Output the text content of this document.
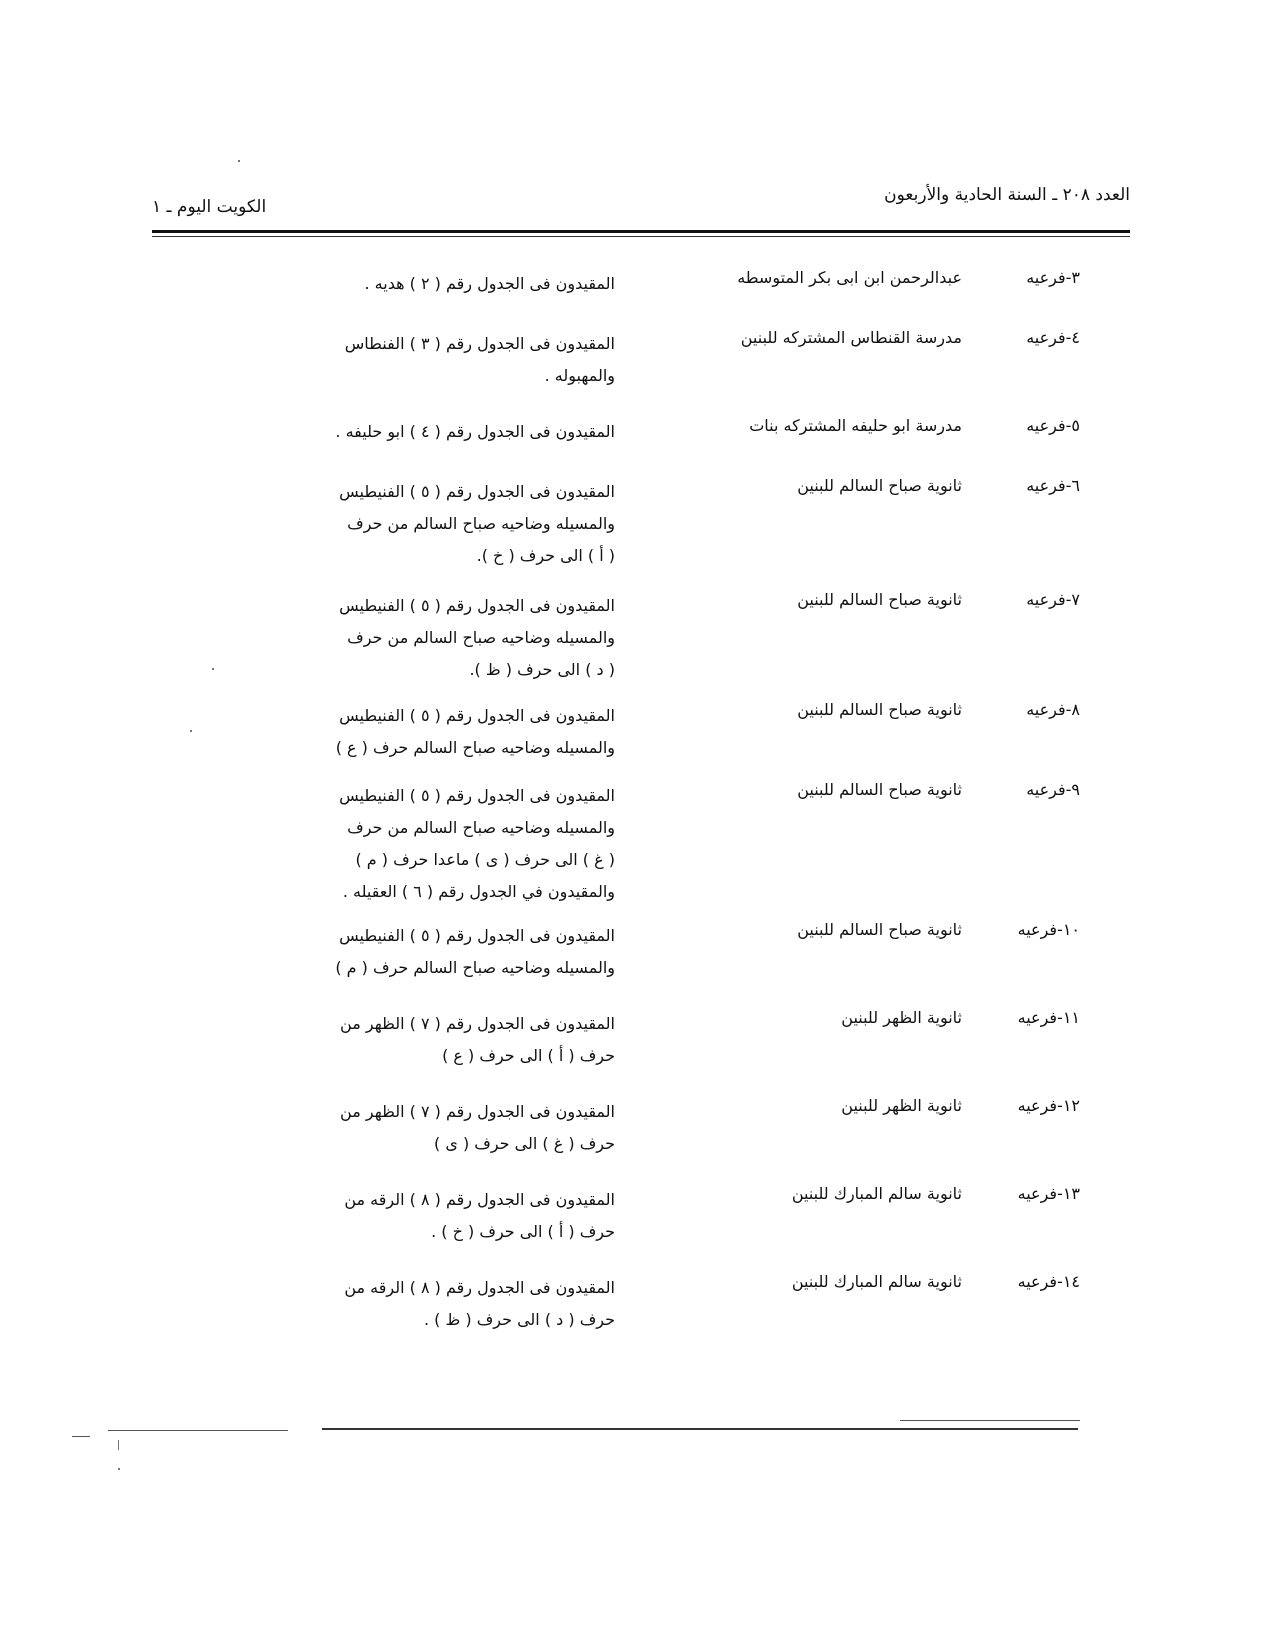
العدد ٢٠٨ ـ السنة الحادية والأربعون
الكويت اليوم ـ ١
٣-فرعيه
عبدالرحمن ابن ابى بكر المتوسطه
المقيدون فى الجدول رقم ( ٢ ) هديه .
٤-فرعيه
مدرسة القنطاس المشتركه للبنين
المقيدون فى الجدول رقم ( ٣ ) الفنطاس
والمهبوله .
٥-فرعيه
مدرسة ابو حليفه المشتركه بنات
المقيدون فى الجدول رقم ( ٤ ) ابو حليفه .
٦-فرعيه
ثانوية صباح السالم للبنين
المقيدون فى الجدول رقم ( ٥ ) الفنيطيس
والمسيله وضاحيه صباح السالم من حرف
( أ ) الى حرف ( خ ).
٧-فرعيه
ثانوية صباح السالم للبنين
المقيدون فى الجدول رقم ( ٥ ) الفنيطيس
والمسيله وضاحيه صباح السالم من حرف
( د ) الى حرف ( ظ ).
٨-فرعيه
ثانوية صباح السالم للبنين
المقيدون فى الجدول رقم ( ٥ ) الفنيطيس
والمسيله وضاحيه صباح السالم حرف ( ع )
٩-فرعيه
ثانوية صباح السالم للبنين
المقيدون فى الجدول رقم ( ٥ ) الفنيطيس
والمسيله وضاحيه صباح السالم من حرف
( غ ) الى حرف ( ى ) ماعدا حرف ( م )
والمقيدون في الجدول رقم ( ٦ ) العقيله .
١٠-فرعيه
ثانوية صباح السالم للبنين
المقيدون فى الجدول رقم ( ٥ ) الفنيطيس
والمسيله وضاحيه صباح السالم حرف ( م )
١١-فرعيه
ثانوية الظهر للبنين
المقيدون فى الجدول رقم ( ٧ ) الظهر من
حرف ( أ ) الى حرف ( ع )
١٢-فرعيه
ثانوية الظهر للبنين
المقيدون فى الجدول رقم ( ٧ ) الظهر من
حرف ( غ ) الى حرف ( ى )
١٣-فرعيه
ثانوية سالم المبارك للبنين
المقيدون فى الجدول رقم ( ٨ ) الرقه من
حرف ( أ ) الى حرف ( خ ) .
١٤-فرعيه
ثانوية سالم المبارك للبنين
المقيدون فى الجدول رقم ( ٨ ) الرقه من
حرف ( د ) الى حرف ( ظ ) .
